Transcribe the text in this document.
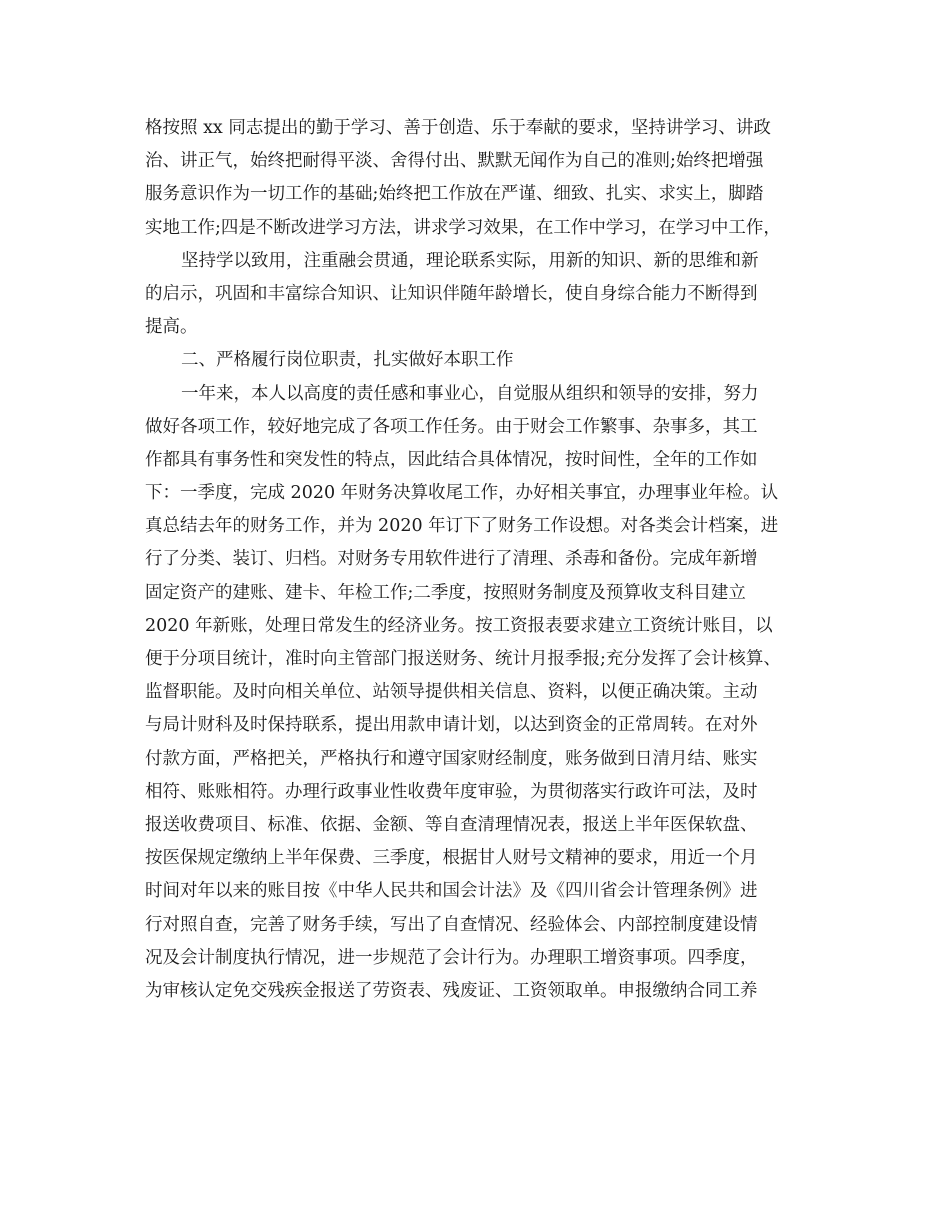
格按照 xx 同志提出的勤于学习、善于创造、乐于奉献的要求，坚持讲学习、讲政
治、讲正气，始终把耐得平淡、舍得付出、默默无闻作为自己的准则;始终把增强
服务意识作为一切工作的基础;始终把工作放在严谨、细致、扎实、求实上，脚踏
实地工作;四是不断改进学习方法，讲求学习效果，在工作中学习，在学习中工作，
坚持学以致用，注重融会贯通，理论联系实际，用新的知识、新的思维和新
的启示，巩固和丰富综合知识、让知识伴随年龄增长，使自身综合能力不断得到
提高。
二、严格履行岗位职责，扎实做好本职工作
一年来，本人以高度的责任感和事业心，自觉服从组织和领导的安排，努力
做好各项工作，较好地完成了各项工作任务。由于财会工作繁事、杂事多，其工
作都具有事务性和突发性的特点，因此结合具体情况，按时间性，全年的工作如
下：一季度，完成 2020 年财务决算收尾工作，办好相关事宜，办理事业年检。认
真总结去年的财务工作，并为 2020 年订下了财务工作设想。对各类会计档案，进
行了分类、装订、归档。对财务专用软件进行了清理、杀毒和备份。完成年新增
固定资产的建账、建卡、年检工作;二季度，按照财务制度及预算收支科目建立
2020 年新账，处理日常发生的经济业务。按工资报表要求建立工资统计账目，以
便于分项目统计，准时向主管部门报送财务、统计月报季报;充分发挥了会计核算、
监督职能。及时向相关单位、站领导提供相关信息、资料，以便正确决策。主动
与局计财科及时保持联系，提出用款申请计划，以达到资金的正常周转。在对外
付款方面，严格把关，严格执行和遵守国家财经制度，账务做到日清月结、账实
相符、账账相符。办理行政事业性收费年度审验，为贯彻落实行政许可法，及时
报送收费项目、标准、依据、金额、等自查清理情况表，报送上半年医保软盘、
按医保规定缴纳上半年保费、三季度，根据甘人财号文精神的要求，用近一个月
时间对年以来的账目按《中华人民共和国会计法》及《四川省会计管理条例》进
行对照自查，完善了财务手续，写出了自查情况、经验体会、内部控制度建设情
况及会计制度执行情况，进一步规范了会计行为。办理职工增资事项。四季度，
为审核认定免交残疾金报送了劳资表、残废证、工资领取单。申报缴纳合同工养
